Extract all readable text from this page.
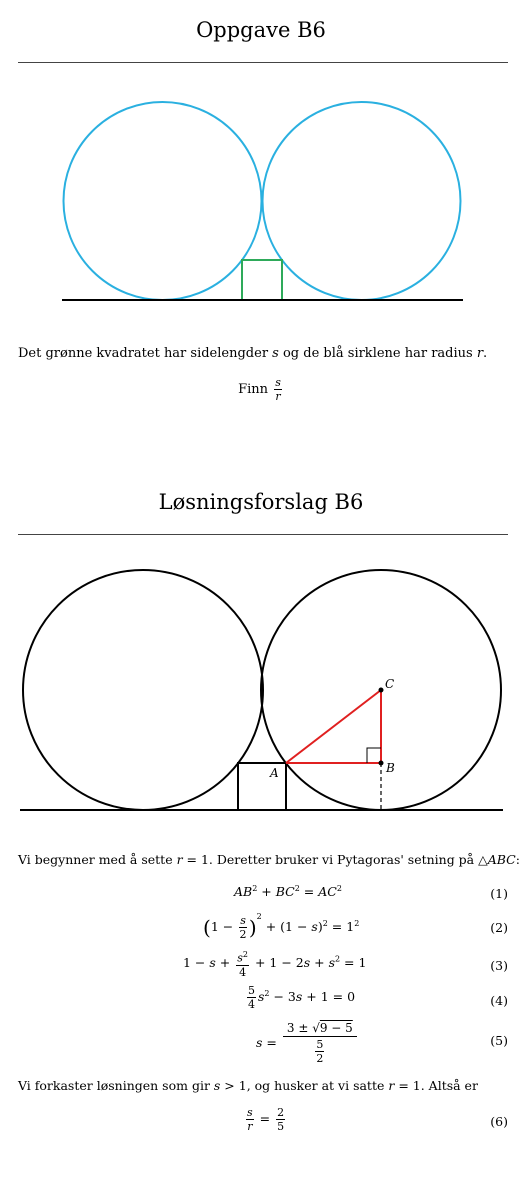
Oppgave B6
Det grønne kvadratet har sidelengder s og de blå sirklene har radius r.
Finn $\frac{s}{r}$
Løsningsforslag B6
A	B
C
Vi begynner med å sette r = 1. Deretter bruker vi Pytagoras' setning på △ABC:
$AB^2 + BC^2 = AC^2$	(1)
$(1 - \frac{s}{2} )^2 + (1 - s)^2 = 1^2$	(2)
$1 - s + \frac{s^2}{4} + 1 - 2s + s^2 = 1$	(3)
$\frac{5}{4} s^2 - 3s + 1 = 0$	(4)
$s = \frac{3 \pm √9 - 5}{\frac{5}{2}}$	(5)
Vi forkaster løsningen som gir s > 1, og husker at vi satte r = 1. Altså er
$\frac{s}{r} = \frac{2}{5}$	(6)
